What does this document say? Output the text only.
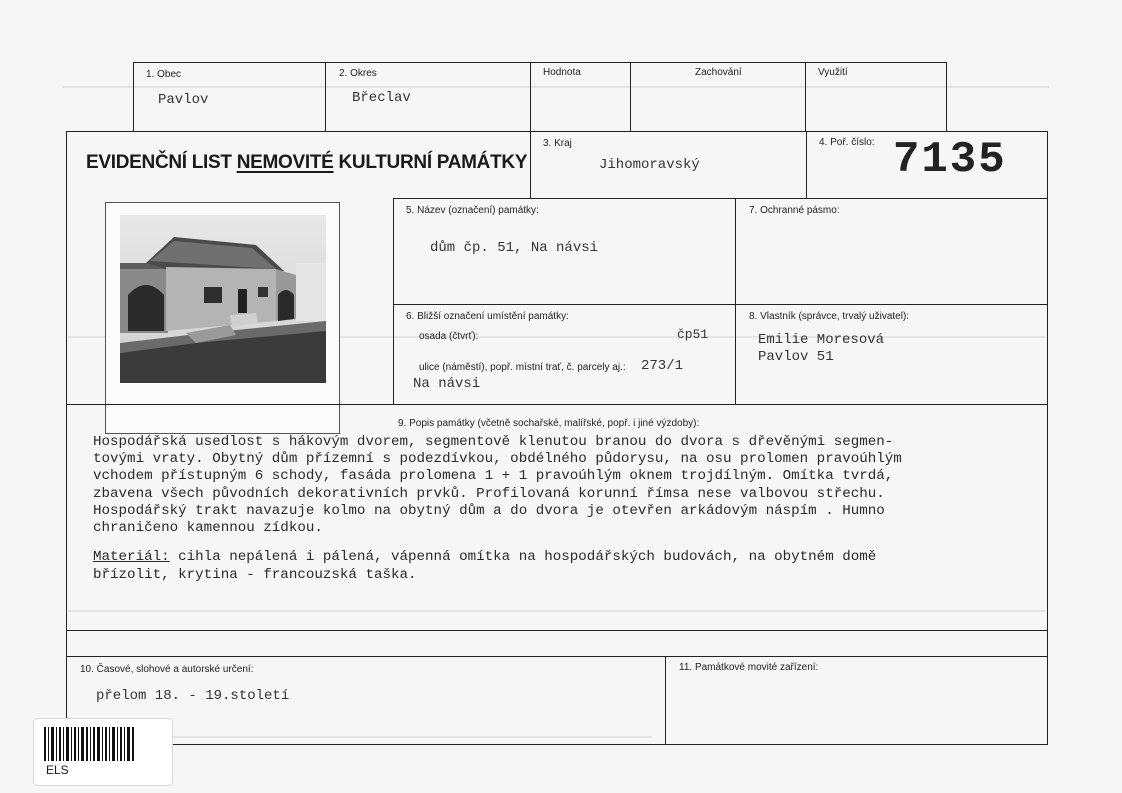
1. Obec
Pavlov
2. Okres
Břeclav
Hodnota	Zachování	Využití
EVIDENČNÍ LIST NEMOVITÉ KULTURNÍ PAMÁTKY
3. Kraj
Jihomoravský
4. Poř. číslo: 7135
5. Název (označení) památky:
dům čp. 51, Na návsi
7. Ochranné pásmo:
6. Bližší označení umístění památky:
osada (čtvrť):	čp51
ulice (náměstí), popř. místní trať, č. parcely aj.: 273/1
Na návsi
8. Vlastník (správce, trvalý uživatel):
Emilie Moresová
Pavlov 51
9. Popis památky (včetně sochařské, malířské, popř. i jiné výzdoby):
Hospodářská usedlost s hákovým dvorem, segmentově klenutou branou do dvora s dřevěnými segmen-
tovými vraty. Obytný dům přízemní s podezdívkou, obdélného půdorysu, na osu prolomen pravoúhlým
vchodem přístupným 6 schody, fasáda prolomena 1 + 1 pravoúhlým oknem trojdílným. Omítka tvrdá,
zbavena všech původních dekorativních prvků. Profilovaná korunní římsa nese valbovou střechu.
Hospodářský trakt navazuje kolmo na obytný dům a do dvora je otevřen arkádovým náspím . Humno
chraničeno kamennou zídkou.
Materiál: cihla nepálená i pálená, vápenná omítka na hospodářských budovách, na obytném domě
břízolit, krytina - francouzská taška.
10. Časové, slohové a autorské určení:
přelom 18. - 19.století
11. Památkové movité zařízení:
ELS
